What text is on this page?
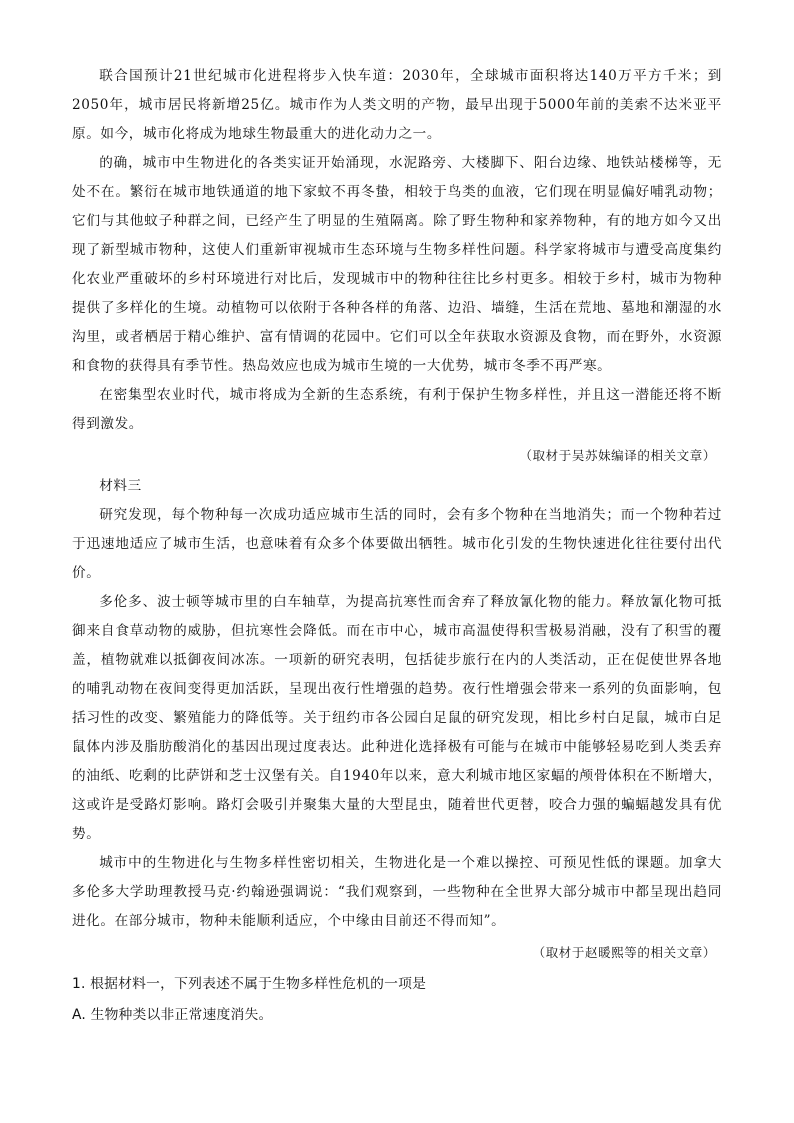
联合国预计21世纪城市化进程将步入快车道：2030年，全球城市面积将达140万平方千米；到2050年，城市居民将新增25亿。城市作为人类文明的产物，最早出现于5000年前的美索不达米亚平原。如今，城市化将成为地球生物最重大的进化动力之一。

的确，城市中生物进化的各类实证开始涌现，水泥路旁、大楼脚下、阳台边缘、地铁站楼梯等，无处不在。繁衍在城市地铁通道的地下家蚊不再冬蛰，相较于鸟类的血液，它们现在明显偏好哺乳动物；它们与其他蚊子种群之间，已经产生了明显的生殖隔离。除了野生物种和家养物种，有的地方如今又出现了新型城市物种，这使人们重新审视城市生态环境与生物多样性问题。科学家将城市与遭受高度集约化农业严重破坏的乡村环境进行对比后，发现城市中的物种往往比乡村更多。相较于乡村，城市为物种提供了多样化的生境。动植物可以依附于各种各样的角落、边沿、墙缝，生活在荒地、墓地和潮湿的水沟里，或者栖居于精心维护、富有情调的花园中。它们可以全年获取水资源及食物，而在野外，水资源和食物的获得具有季节性。热岛效应也成为城市生境的一大优势，城市冬季不再严寒。

在密集型农业时代，城市将成为全新的生态系统，有利于保护生物多样性，并且这一潜能还将不断得到激发。

（取材于吴苏妹编译的相关文章）

材料三

研究发现，每个物种每一次成功适应城市生活的同时，会有多个物种在当地消失；而一个物种若过于迅速地适应了城市生活，也意味着有众多个体要做出牺牲。城市化引发的生物快速进化往往要付出代价。

多伦多、波士顿等城市里的白车轴草，为提高抗寒性而舍弃了释放氰化物的能力。释放氰化物可抵御来自食草动物的威胁，但抗寒性会降低。而在市中心，城市高温使得积雪极易消融，没有了积雪的覆盖，植物就难以抵御夜间冰冻。一项新的研究表明，包括徒步旅行在内的人类活动，正在促使世界各地的哺乳动物在夜间变得更加活跃，呈现出夜行性增强的趋势。夜行性增强会带来一系列的负面影响，包括习性的改变、繁殖能力的降低等。关于纽约市各公园白足鼠的研究发现，相比乡村白足鼠，城市白足鼠体内涉及脂肪酸消化的基因出现过度表达。此种进化选择极有可能与在城市中能够轻易吃到人类丢弃的油纸、吃剩的比萨饼和芝士汉堡有关。自1940年以来，意大利城市地区家蝠的颅骨体积在不断增大，这或许是受路灯影响。路灯会吸引并聚集大量的大型昆虫，随着世代更替，咬合力强的蝙蝠越发具有优势。

城市中的生物进化与生物多样性密切相关，生物进化是一个难以操控、可预见性低的课题。加拿大多伦多大学助理教授马克·约翰逊强调说：“我们观察到，一些物种在全世界大部分城市中都呈现出趋同进化。在部分城市，物种未能顺利适应，个中缘由目前还不得而知”。

（取材于赵暖熙等的相关文章）

1. 根据材料一，下列表述不属于生物多样性危机的一项是

A. 生物种类以非正常速度消失。
